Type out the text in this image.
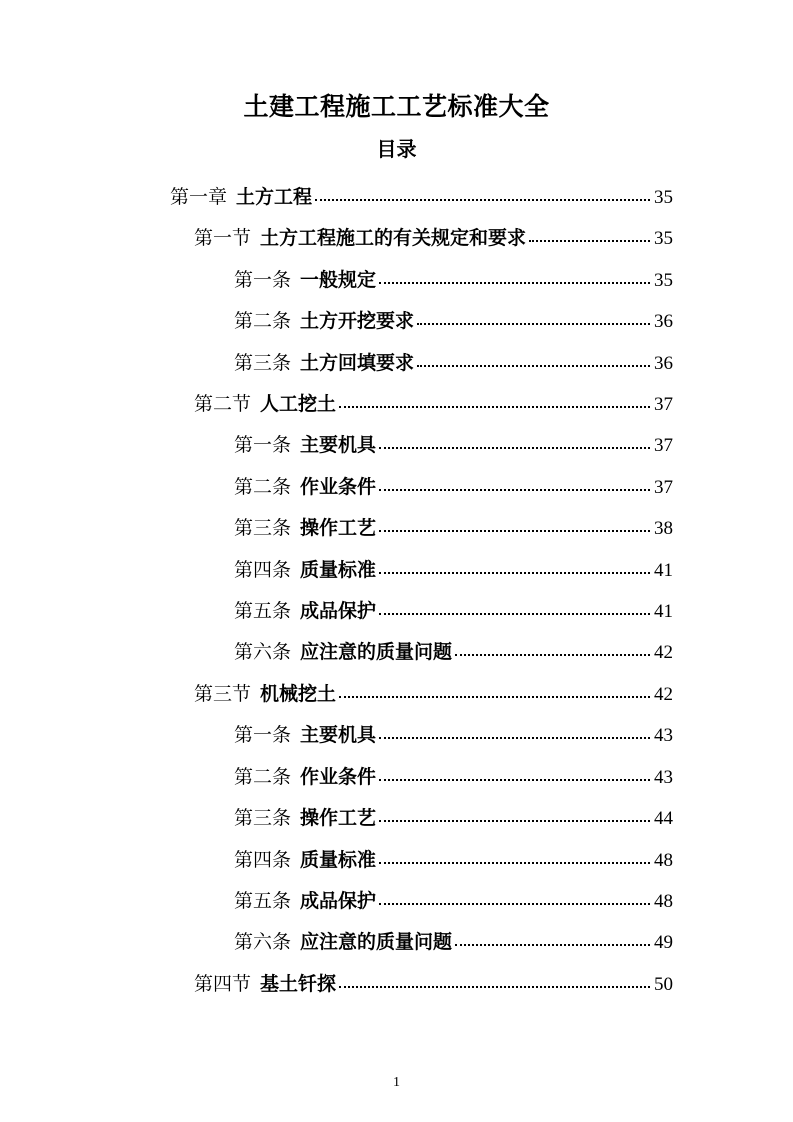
土建工程施工工艺标准大全
目录
第一章 土方工程	35
第一节 土方工程施工的有关规定和要求	35
第一条 一般规定	35
第二条 土方开挖要求	36
第三条 土方回填要求	36
第二节 人工挖土	37
第一条 主要机具	37
第二条 作业条件	37
第三条 操作工艺	38
第四条 质量标准	41
第五条 成品保护	41
第六条 应注意的质量问题	42
第三节 机械挖土	42
第一条 主要机具	43
第二条 作业条件	43
第三条 操作工艺	44
第四条 质量标准	48
第五条 成品保护	48
第六条 应注意的质量问题	49
第四节 基土钎探	50
1
